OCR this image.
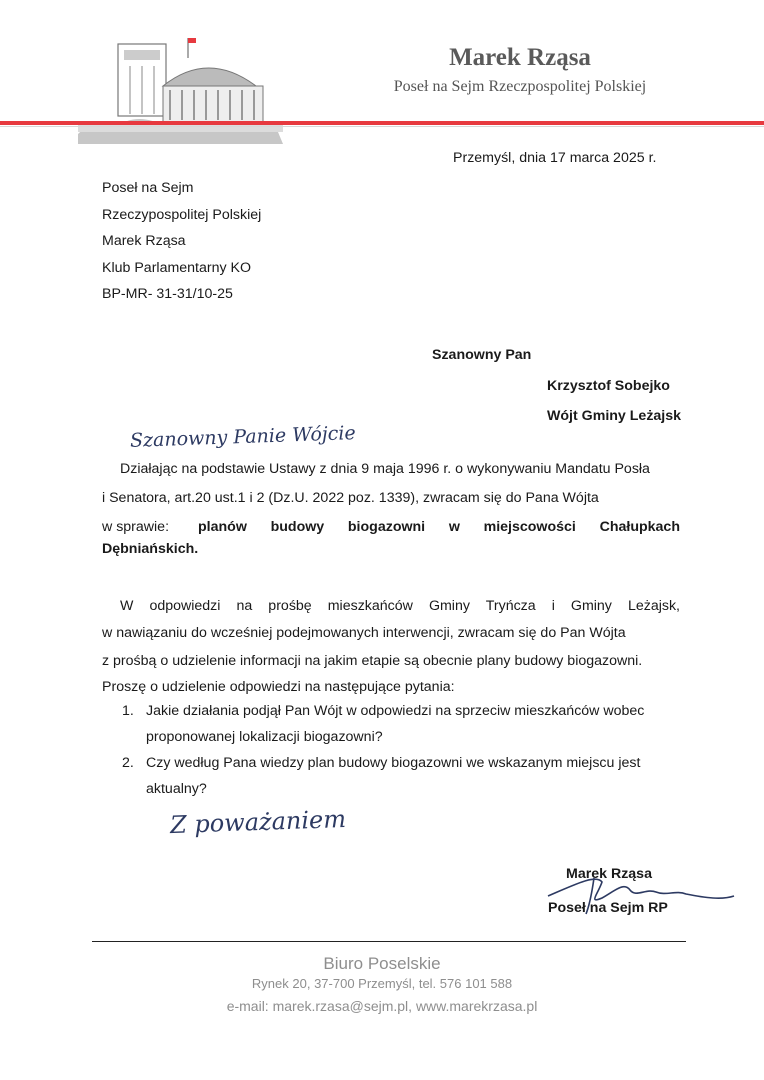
Marek Rząsa
Poseł na Sejm Rzeczpospolitej Polskiej
Przemyśl, dnia 17 marca 2025 r.
Poseł na Sejm
Rzeczypospolitej Polskiej
Marek Rząsa
Klub Parlamentarny KO
BP-MR- 31-31/10-25
Szanowny Pan
Krzysztof Sobejko
Wójt Gminy Leżajsk
Szanowny Panie Wójcie
Działając na podstawie Ustawy z dnia 9 maja 1996 r. o wykonywaniu Mandatu Posła
i Senatora, art.20 ust.1 i 2 (Dz.U. 2022 poz. 1339), zwracam się do Pana Wójta
w sprawie: planów budowy biogazowni w miejscowości Chałupkach
Dębniańskich.
W odpowiedzi na prośbę mieszkańców Gminy Tryńcza i Gminy Leżajsk,
w nawiązaniu do wcześniej podejmowanych interwencji, zwracam się do Pan Wójta
z prośbą o udzielenie informacji na jakim etapie są obecnie plany budowy biogazowni.
Proszę o udzielenie odpowiedzi na następujące pytania:
1. Jakie działania podjął Pan Wójt w odpowiedzi na sprzeciw mieszkańców wobec
proponowanej lokalizacji biogazowni?
2. Czy według Pana wiedzy plan budowy biogazowni we wskazanym miejscu jest
aktualny?
Z poważaniem
Marek Rząsa
Poseł na Sejm RP
Biuro Poselskie
Rynek 20, 37-700 Przemyśl, tel. 576 101 588
e-mail: marek.rzasa@sejm.pl, www.marekrzasa.pl
